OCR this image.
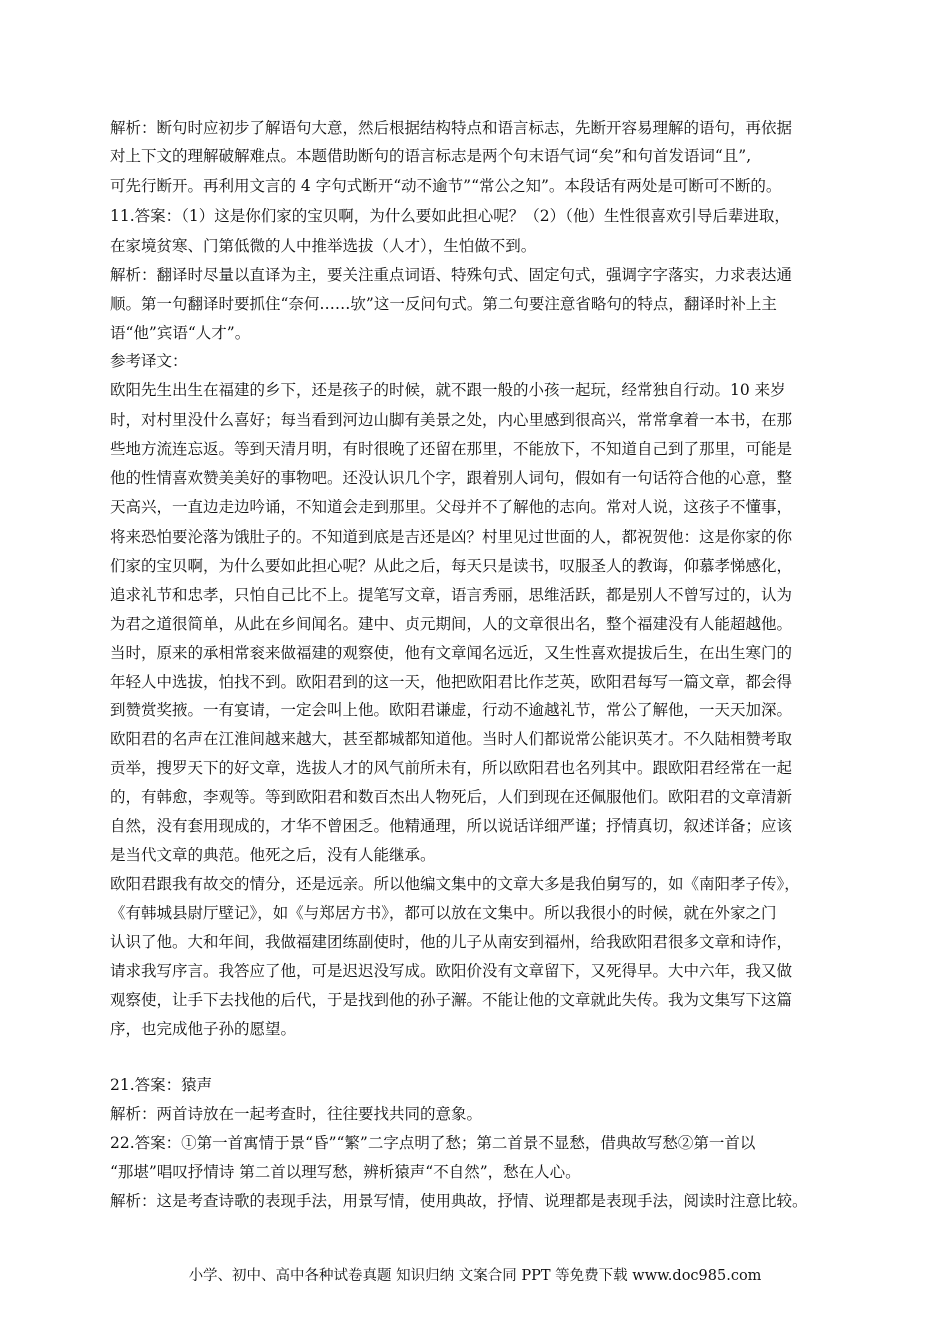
解析：断句时应初步了解语句大意，然后根据结构特点和语言标志，先断开容易理解的语句，再依据
对上下文的理解破解难点。本题借助断句的语言标志是两个句末语气词“矣”和句首发语词“且”,
可先行断开。再利用文言的 4 字句式断开“动不逾节”“常公之知”。本段话有两处是可断可不断的。
11.答案：（1）这是你们家的宝贝啊，为什么要如此担心呢？（2）（他）生性很喜欢引导后辈进取，
在家境贫寒、门第低微的人中推举选拔（人才），生怕做不到。
解析：翻译时尽量以直译为主，要关注重点词语、特殊句式、固定句式，强调字字落实，力求表达通
顺。第一句翻译时要抓住“奈何……欤”这一反问句式。第二句要注意省略句的特点，翻译时补上主
语“他”宾语“人才”。
参考译文：
欧阳先生出生在福建的乡下，还是孩子的时候，就不跟一般的小孩一起玩，经常独自行动。10 来岁
时，对村里没什么喜好；每当看到河边山脚有美景之处，内心里感到很高兴，常常拿着一本书，在那
些地方流连忘返。等到天清月明，有时很晚了还留在那里，不能放下，不知道自己到了那里，可能是
他的性情喜欢赞美美好的事物吧。还没认识几个字，跟着别人词句，假如有一句话符合他的心意，整
天高兴，一直边走边吟诵，不知道会走到那里。父母并不了解他的志向。常对人说，这孩子不懂事，
将来恐怕要沦落为饿肚子的。不知道到底是吉还是凶？村里见过世面的人，都祝贺他：这是你家的你
们家的宝贝啊，为什么要如此担心呢？从此之后，每天只是读书，叹服圣人的教诲，仰慕孝悌感化，
追求礼节和忠孝，只怕自己比不上。提笔写文章，语言秀丽，思维活跃，都是别人不曾写过的，认为
为君之道很简单，从此在乡间闻名。建中、贞元期间，人的文章很出名，整个福建没有人能超越他。
当时，原来的承相常衮来做福建的观察使，他有文章闻名远近，又生性喜欢提拔后生，在出生寒门的
年轻人中选拔，怕找不到。欧阳君到的这一天，他把欧阳君比作芝英，欧阳君每写一篇文章，都会得
到赞赏奖掖。一有宴请，一定会叫上他。欧阳君谦虚，行动不逾越礼节，常公了解他，一天天加深。
欧阳君的名声在江淮间越来越大，甚至都城都知道他。当时人们都说常公能识英才。不久陆相赞考取
贡举，搜罗天下的好文章，选拔人才的风气前所未有，所以欧阳君也名列其中。跟欧阳君经常在一起
的，有韩愈，李观等。等到欧阳君和数百杰出人物死后，人们到现在还佩服他们。欧阳君的文章清新
自然，没有套用现成的，才华不曾困乏。他精通理，所以说话详细严谨；抒情真切，叙述详备；应该
是当代文章的典范。他死之后，没有人能继承。
欧阳君跟我有故交的情分，还是远亲。所以他编文集中的文章大多是我伯舅写的，如《南阳孝子传》，
《有韩城县尉厅壁记》，如《与郑居方书》，都可以放在文集中。所以我很小的时候，就在外家之门
认识了他。大和年间，我做福建团练副使时，他的儿子从南安到福州，给我欧阳君很多文章和诗作，
请求我写序言。我答应了他，可是迟迟没写成。欧阳价没有文章留下，又死得早。大中六年，我又做
观察使，让手下去找他的后代，于是找到他的孙子澥。不能让他的文章就此失传。我为文集写下这篇
序，也完成他子孙的愿望。
21.答案：猿声
解析：两首诗放在一起考查时，往往要找共同的意象。
22.答案：①第一首寓情于景“昏”“繁”二字点明了愁；第二首景不显愁，借典故写愁②第一首以
“那堪”唱叹抒情诗 第二首以理写愁，辨析猿声“不自然”，愁在人心。
解析：这是考查诗歌的表现手法，用景写情，使用典故，抒情、说理都是表现手法，阅读时注意比较。
小学、初中、高中各种试卷真题 知识归纳 文案合同 PPT 等免费下载 www.doc985.com
